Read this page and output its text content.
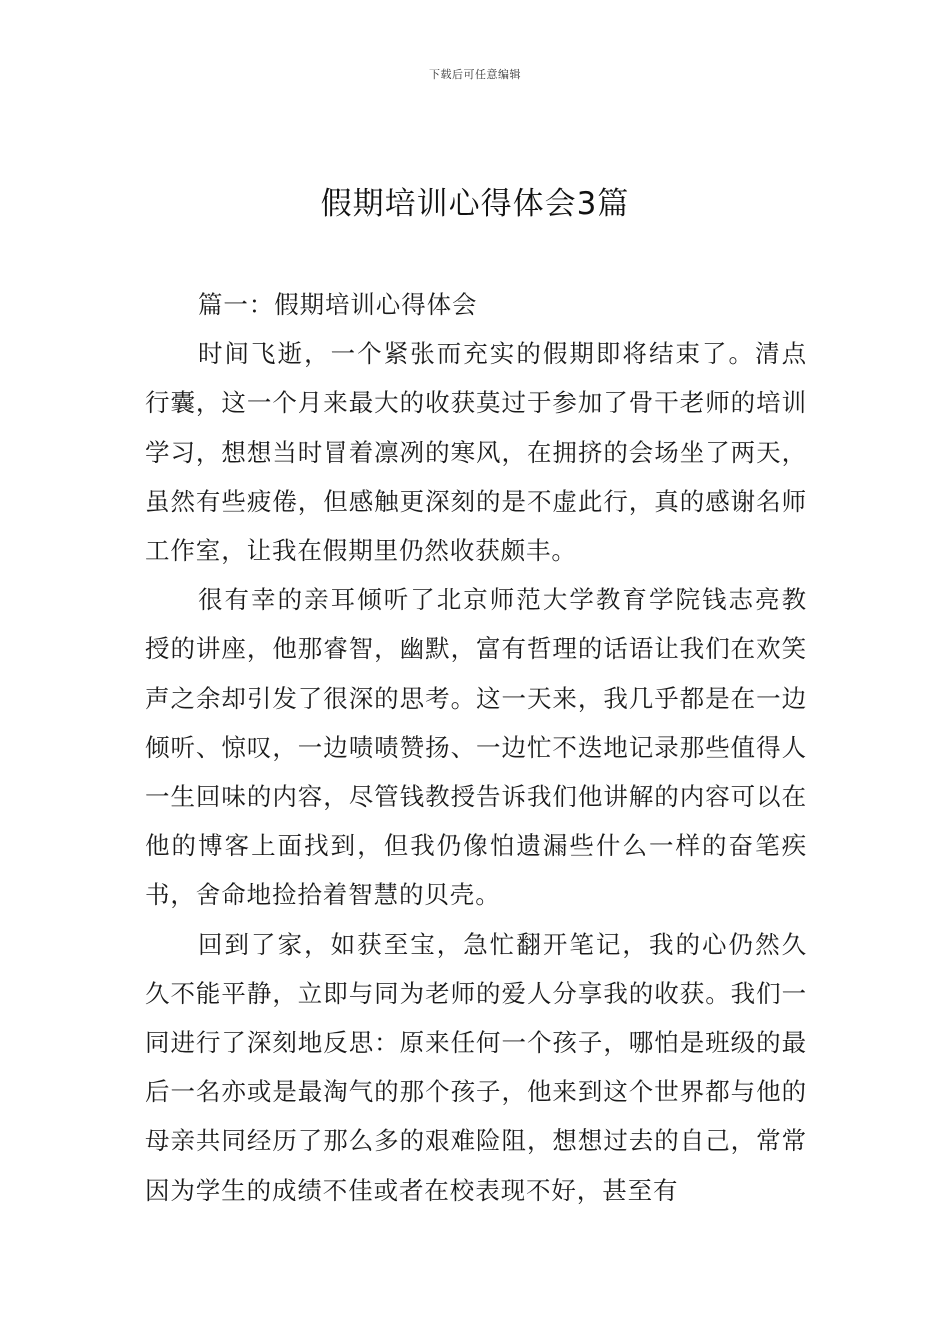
下载后可任意编辑
假期培训心得体会3篇
篇一：假期培训心得体会

时间飞逝，一个紧张而充实的假期即将结束了。清点行囊，这一个月来最大的收获莫过于参加了骨干老师的培训学习，想想当时冒着凛冽的寒风，在拥挤的会场坐了两天，虽然有些疲倦，但感触更深刻的是不虚此行，真的感谢名师工作室，让我在假期里仍然收获颇丰。

很有幸的亲耳倾听了北京师范大学教育学院钱志亮教授的讲座，他那睿智，幽默，富有哲理的话语让我们在欢笑声之余却引发了很深的思考。这一天来，我几乎都是在一边倾听、惊叹，一边啧啧赞扬、一边忙不迭地记录那些值得人一生回味的内容，尽管钱教授告诉我们他讲解的内容可以在他的博客上面找到，但我仍像怕遗漏些什么一样的奋笔疾书，舍命地捡拾着智慧的贝壳。

回到了家，如获至宝，急忙翻开笔记，我的心仍然久久不能平静，立即与同为老师的爱人分享我的收获。我们一同进行了深刻地反思：原来任何一个孩子，哪怕是班级的最后一名亦或是最淘气的那个孩子，他来到这个世界都与他的母亲共同经历了那么多的艰难险阻，想想过去的自己，常常因为学生的成绩不佳或者在校表现不好，甚至有
